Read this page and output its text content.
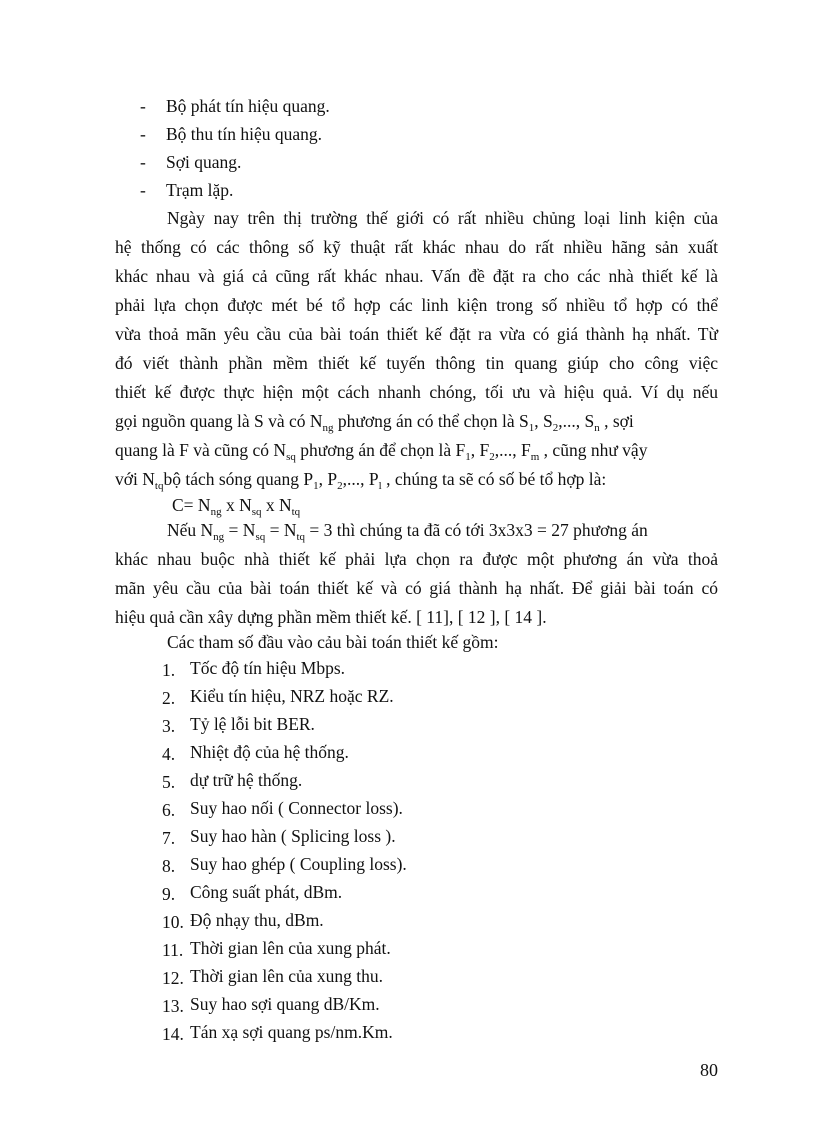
- Bộ phát tín hiệu quang.
- Bộ thu tín hiệu quang.
- Sợi quang.
- Trạm lặp.
Ngày nay trên thị trường thế giới có rất nhiều chủng loại linh kiện của
hệ thống có các thông số kỹ thuật rất khác nhau do rất nhiều hãng sản xuất
khác nhau và giá cả cũng rất khác nhau. Vấn đề đặt ra cho các nhà thiết kế là
phải lựa chọn được mét bé tổ hợp các linh kiện trong số nhiều tổ hợp có thể
vừa thoả mãn yêu cầu của bài toán thiết kế đặt ra vừa có giá thành hạ nhất. Từ
đó viết thành phần mềm thiết kế tuyến thông tin quang giúp cho công việc
thiết kế được thực hiện một cách nhanh chóng, tối ưu và hiệu quả. Ví dụ nếu
gọi nguồn quang là S và có $N_{ng}$ phương án có thể chọn là $S_1$, $S_2$,..., $S_n$ , sợi
quang là F và cũng có $N_{sq}$ phương án để chọn là $F_1$, $F_2$,..., $F_m$ , cũng như vậy
với $N_{tq}bộ$ tách sóng quang $P_1$, $P_2$,..., $P_l$ , chúng ta sẽ có số bé tổ hợp là:
$C= N_{ng}$ x $N_{sq}$ x $N_{tq}$
Nếu $N_{ng} = N_{sq} = N_{tq} = 3$ thì chúng ta đã có tới 3x3x3 = 27 phương án
khác nhau buộc nhà thiết kế phải lựa chọn ra được một phương án vừa thoả
mãn yêu cầu của bài toán thiết kế và có giá thành hạ nhất. Để giải bài toán có
hiệu quả cần xây dựng phần mềm thiết kế. [ 11], [ 12 ], [ 14 ].
Các tham số đầu vào cảu bài toán thiết kế gồm:
1. Tốc độ tín hiệu Mbps.
2. Kiểu tín hiệu, NRZ hoặc RZ.
3. Tỷ lệ lỗi bit BER.
4. Nhiệt độ của hệ thống.
5. dự trữ hệ thống.
6. Suy hao nối ( Connector loss).
7. Suy hao hàn ( Splicing loss ).
8. Suy hao ghép ( Coupling loss).
9. Công suất phát, dBm.
10. Độ nhạy thu, dBm.
11. Thời gian lên của xung phát.
12. Thời gian lên của xung thu.
13. Suy hao sợi quang dB/Km.
14. Tán xạ sợi quang ps/nm.Km.
80
